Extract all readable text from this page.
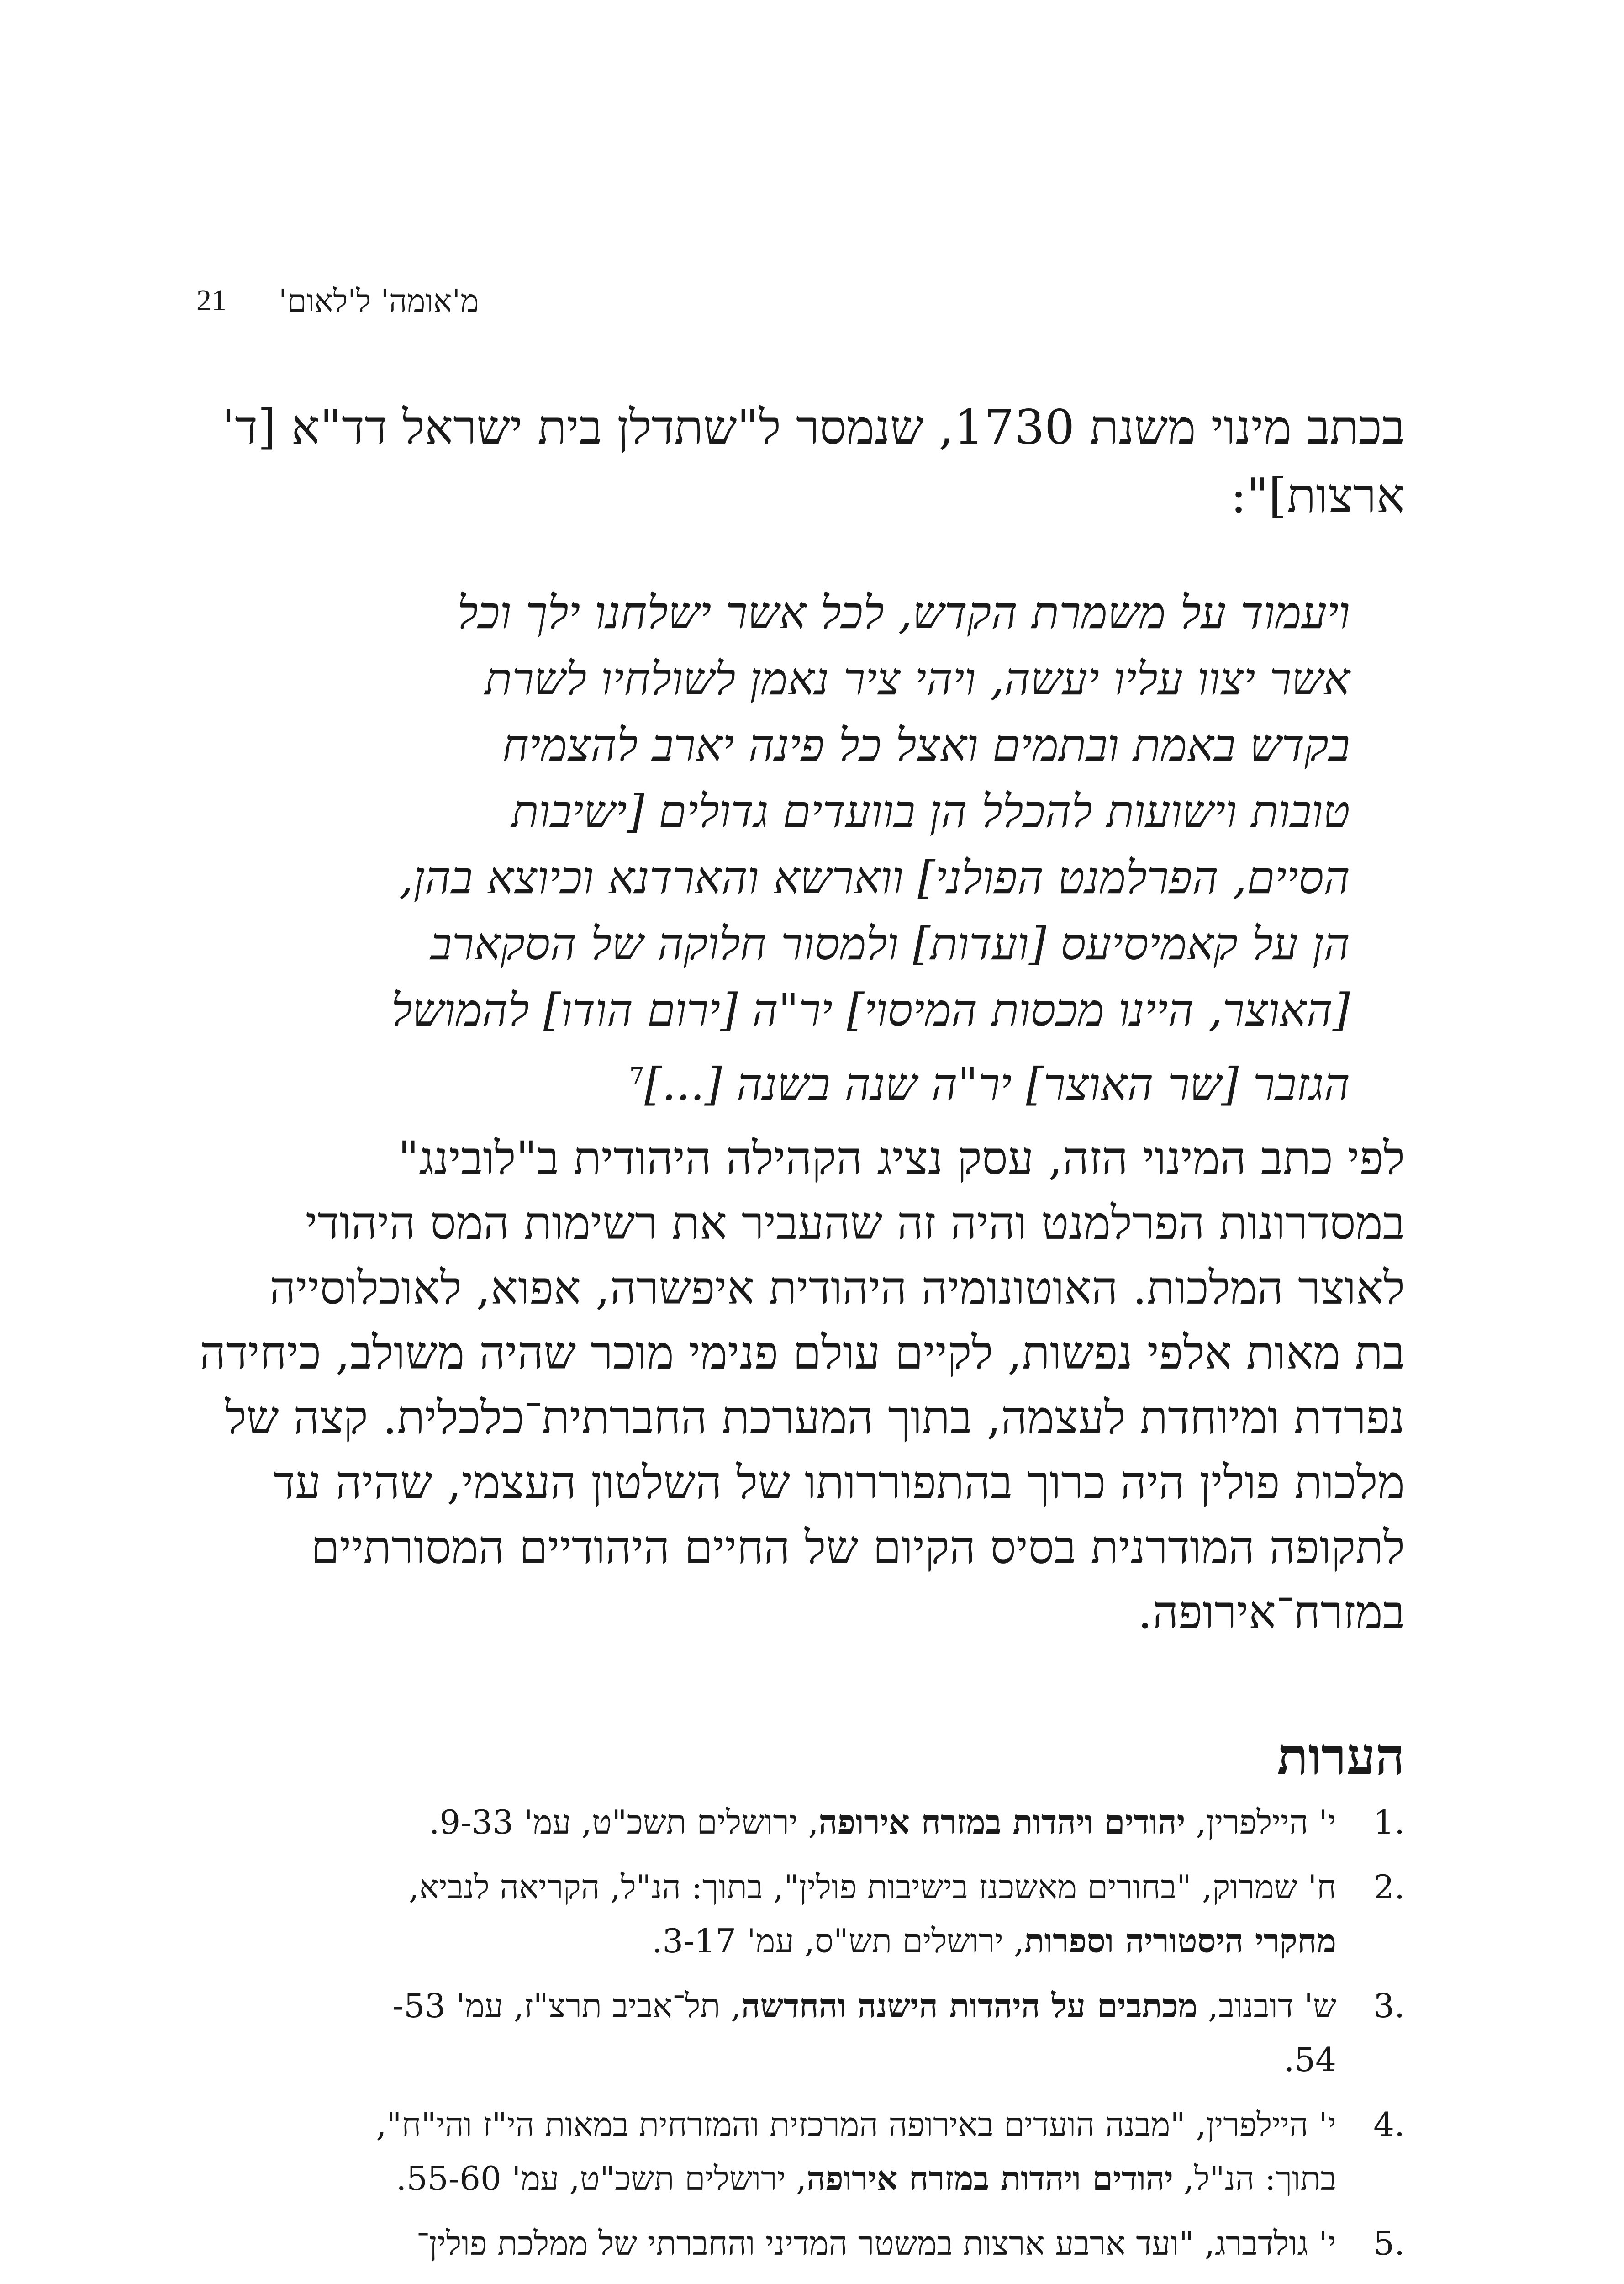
21 מ'אומה' ל'לאום'
בכתב מינוי משנת 1730, שנמסר ל"שתדלן בית ישראל דד"א [ד'
ארצות]":
ויעמוד על משמרת הקדש, לכל אשר ישלחנו ילך וכל
אשר יצוו עליו יעשה, ויהי ציר נאמן לשולחיו לשרת
בקדש באמת ובתמים ואצל כל פינה יארב להצמיח
טובות וישועות להכלל הן בוועדים גדולים [ישיבות
הסיים, הפרלמנט הפולני] ווארשא והארדנא וכיוצא בהן,
הן על קאמיסיעס [ועדות] ולמסור חלוקה של הסקארב
[האוצר, היינו מכסות המיסוי] יר"ה [ירום הודו] להמושל
הגזבר [שר האוצר] יר"ה שנה בשנה [...]$^7$
לפי כתב המינוי הזה, עסק נציג הקהילה היהודית ב"לובינג"
במסדרונות הפרלמנט והיה זה שהעביר את רשימות המס היהודי
לאוצר המלכות. האוטונומיה היהודית איפשרה, אפוא, לאוכלוסייה
בת מאות אלפי נפשות, לקיים עולם פנימי מוכר שהיה משולב, כיחידה
נפרדת ומיוחדת לעצמה, בתוך המערכת החברתית־כלכלית. קצה של
מלכות פולין היה כרוך בהתפוררותו של השלטון העצמי, שהיה עד
לתקופה המודרנית בסיס הקיום של החיים היהודיים המסורתיים
במזרח־אירופה.
הערות
.1
י' היילפרין, יהודים ויהדות במזרח אירופה, ירושלים תשכ"ט, עמ' 9-33.
.2
ח' שמרוק, "בחורים מאשכנז בישיבות פולין", בתוך: הנ"ל, הקריאה לנביא,
מחקרי היסטוריה וספרות, ירושלים תש"ס, עמ' 3-17.
.3
ש' דובנוב, מכתבים על היהדות הישנה והחדשה, תל־אביב תרצ"ז, עמ' 53-
54.
.4
י' היילפרין, "מבנה הועדים באירופה המרכזית והמזרחית במאות הי"ז והי"ח",
בתוך: הנ"ל, יהודים ויהדות במזרח אירופה, ירושלים תשכ"ט, עמ' 55-60.
.5
י' גולדברג, "ועד ארבע ארצות במשטר המדיני והחברתי של ממלכת פולין־
